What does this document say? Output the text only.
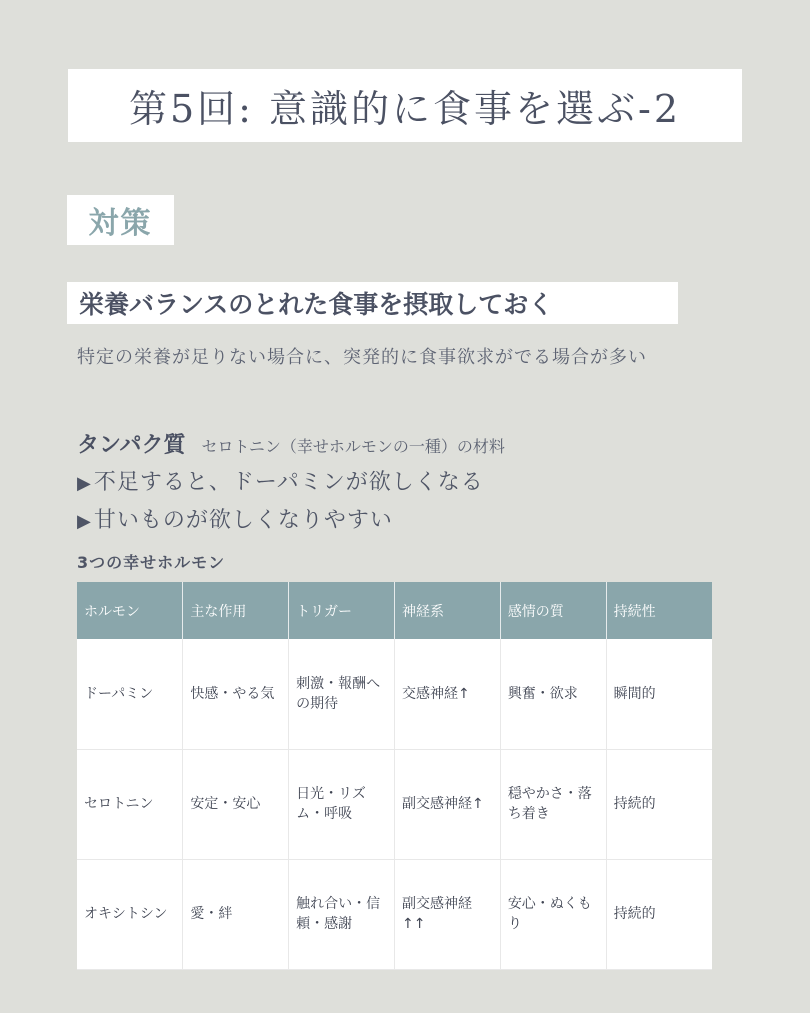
第5回: 意識的に食事を選ぶ-2
対策
栄養バランスのとれた食事を摂取しておく
特定の栄養が足りない場合に、突発的に食事欲求がでる場合が多い
タンパク質 セロトニン（幸せホルモンの一種）の材料
▶不足すると、ドーパミンが欲しくなる
▶甘いものが欲しくなりやすい
3つの幸せホルモン
ホルモン	主な作用	トリガー	神経系	感情の質	持続性
ドーパミン	快感・やる気	刺激・報酬への期待	交感神経↑	興奮・欲求	瞬間的
セロトニン	安定・安心	日光・リズム・呼吸	副交感神経↑	穏やかさ・落ち着き	持続的
オキシトシン	愛・絆	触れ合い・信頼・感謝	副交感神経↑↑	安心・ぬくもり	持続的
